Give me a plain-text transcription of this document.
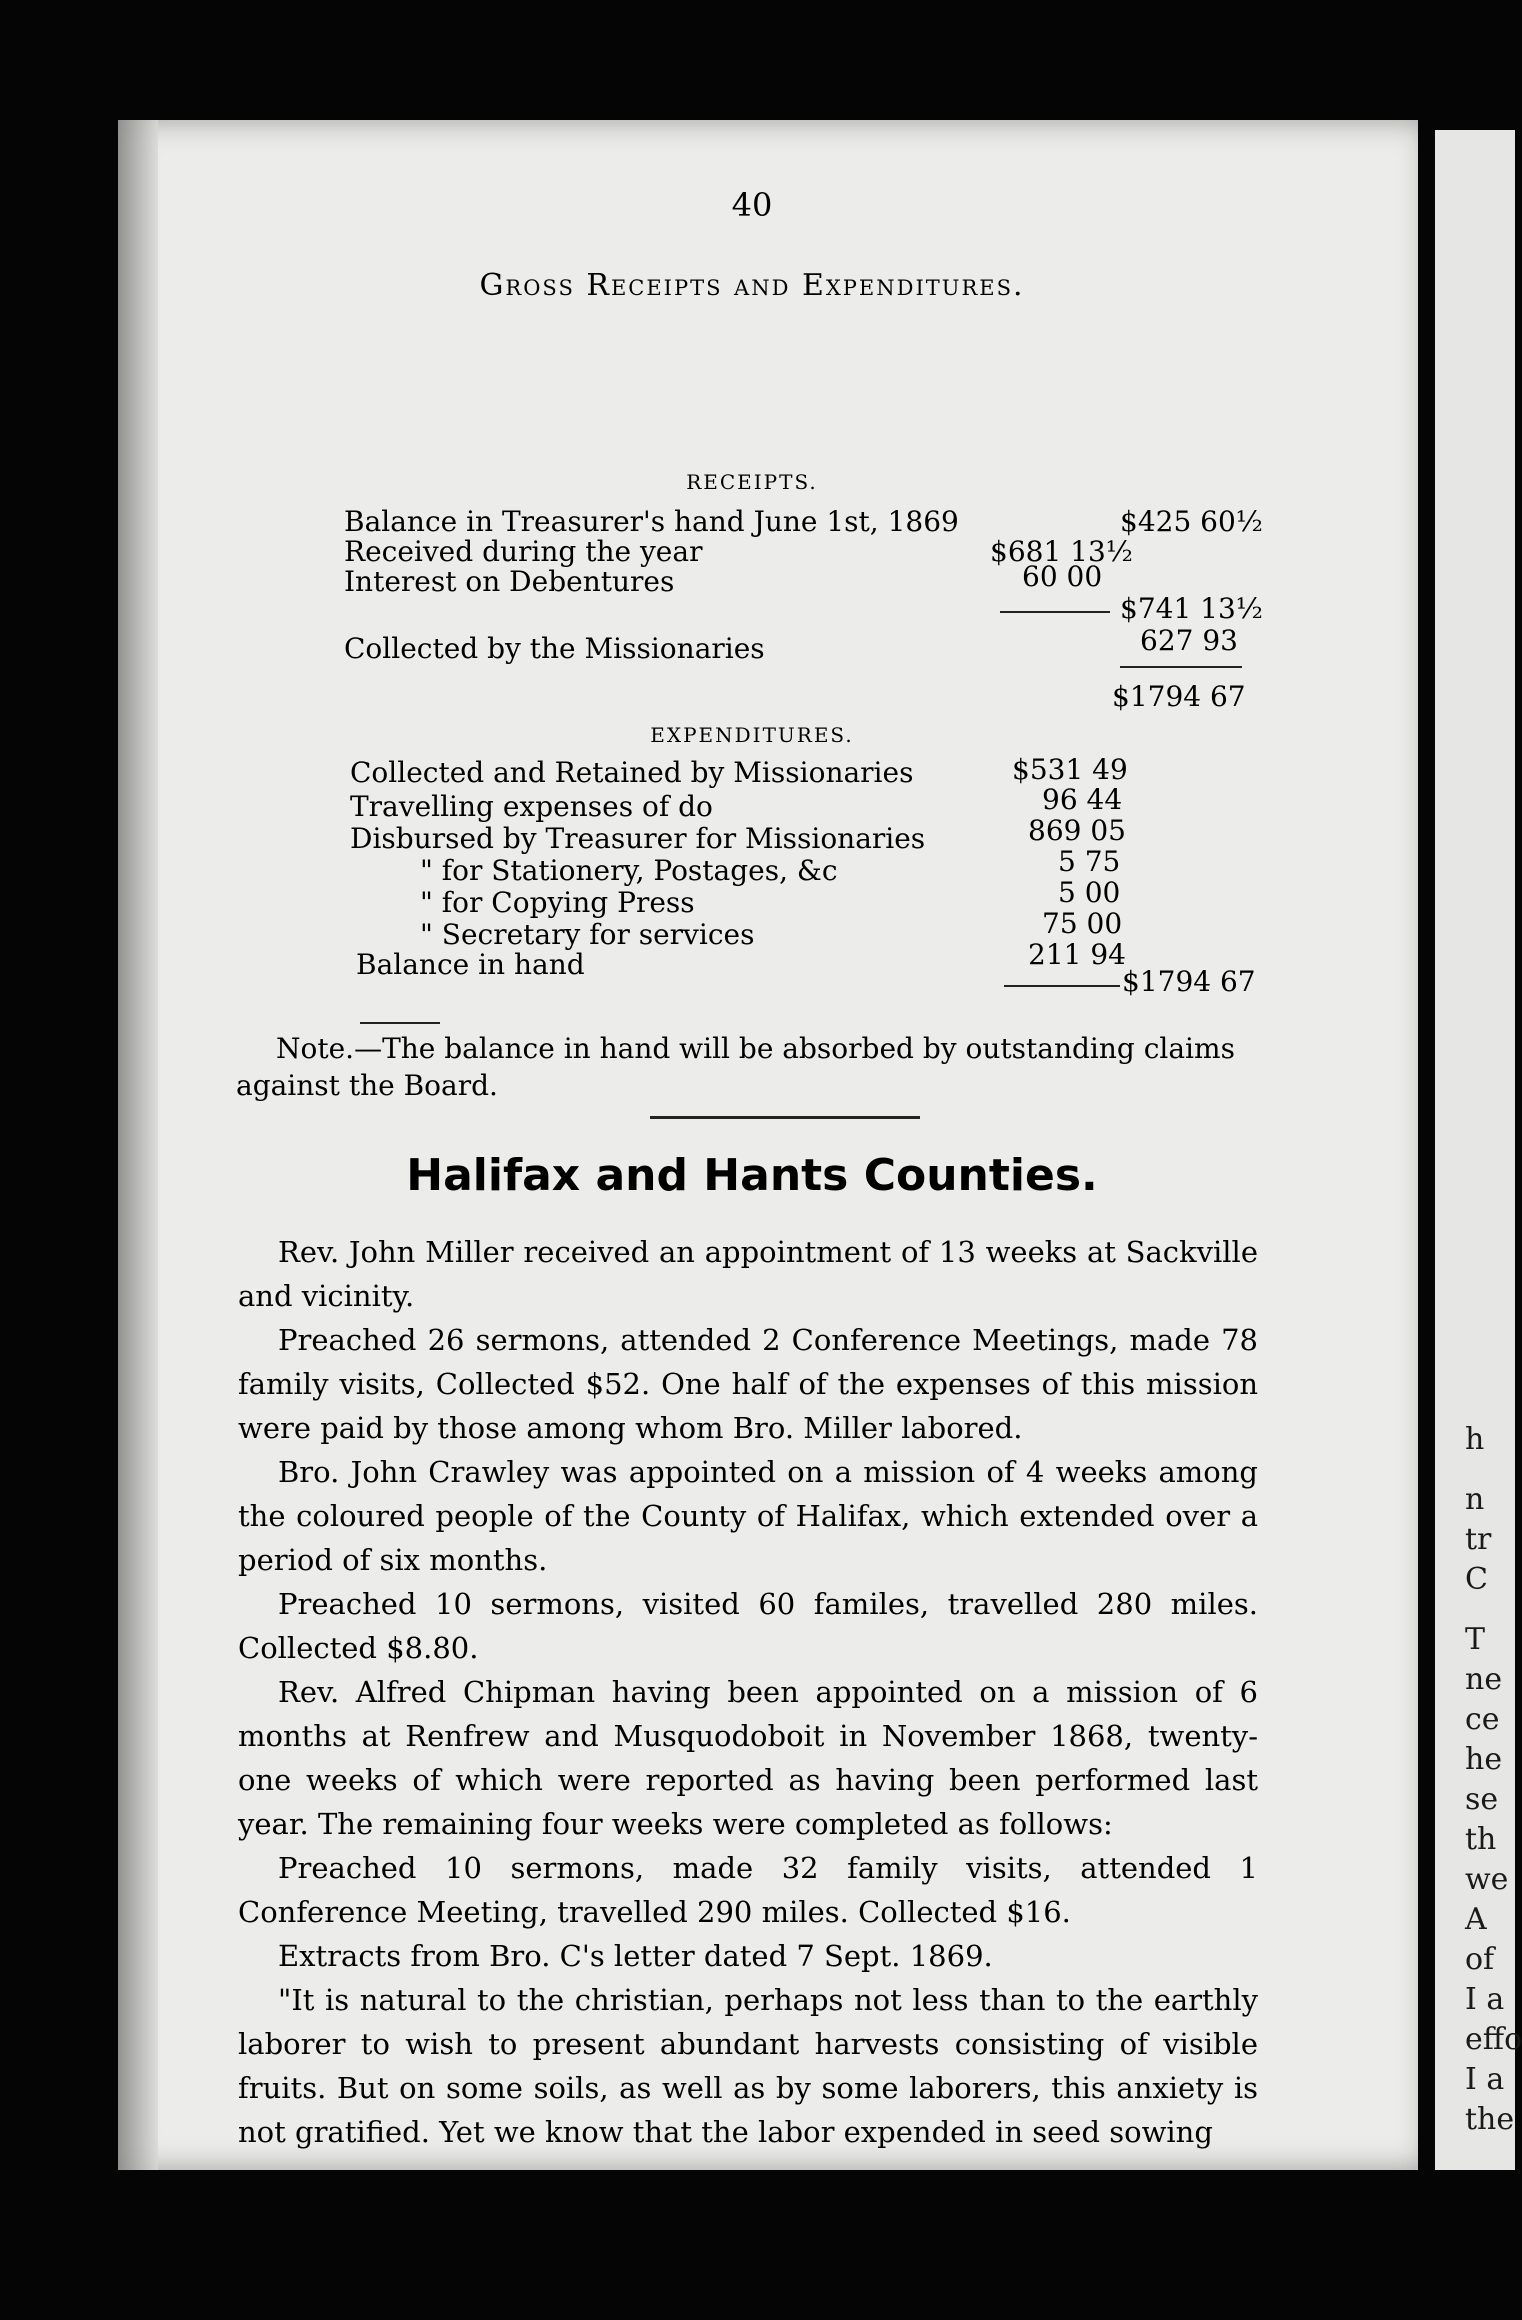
h
n
tr
C
T
ne
ce
he
se
th
we
A
of
I a
effo
I a
the
40
Gross Receipts and Expenditures.
RECEIPTS.
Balance in Treasurer's hand June 1st, 1869	$425 60½
Received during the year	$681 13½
Interest on Debentures	60 00
$741 13½
Collected by the Missionaries	627 93
$1794 67
EXPENDITURES.
Collected and Retained by Missionaries	$531 49
Travelling expenses of do	96 44
Disbursed by Treasurer for Missionaries	869 05
" for Stationery, Postages, &c	5 75
" for Copying Press	5 00
" Secretary for services	75 00
Balance in hand	211 94
$1794 67
Note.—The balance in hand will be absorbed by outstanding claims against the Board.
Halifax and Hants Counties.

Rev. John Miller received an appointment of 13 weeks at Sackville and vicinity.

Preached 26 sermons, attended 2 Conference Meetings, made 78 family visits, Collected $52. One half of the expenses of this mission were paid by those among whom Bro. Miller labored.

Bro. John Crawley was appointed on a mission of 4 weeks among the coloured people of the County of Halifax, which extended over a period of six months.

Preached 10 sermons, visited 60 familes, travelled 280 miles. Collected $8.80.

Rev. Alfred Chipman having been appointed on a mission of 6 months at Renfrew and Musquodoboit in November 1868, twenty-one weeks of which were reported as having been performed last year. The remaining four weeks were completed as follows:

Preached 10 sermons, made 32 family visits, attended 1 Conference Meeting, travelled 290 miles. Collected $16.

Extracts from Bro. C's letter dated 7 Sept. 1869.

"It is natural to the christian, perhaps not less than to the earthly laborer to wish to present abundant harvests consisting of visible fruits. But on some soils, as well as by some laborers, this anxiety is not gratified. Yet we know that the labor expended in seed sowing
